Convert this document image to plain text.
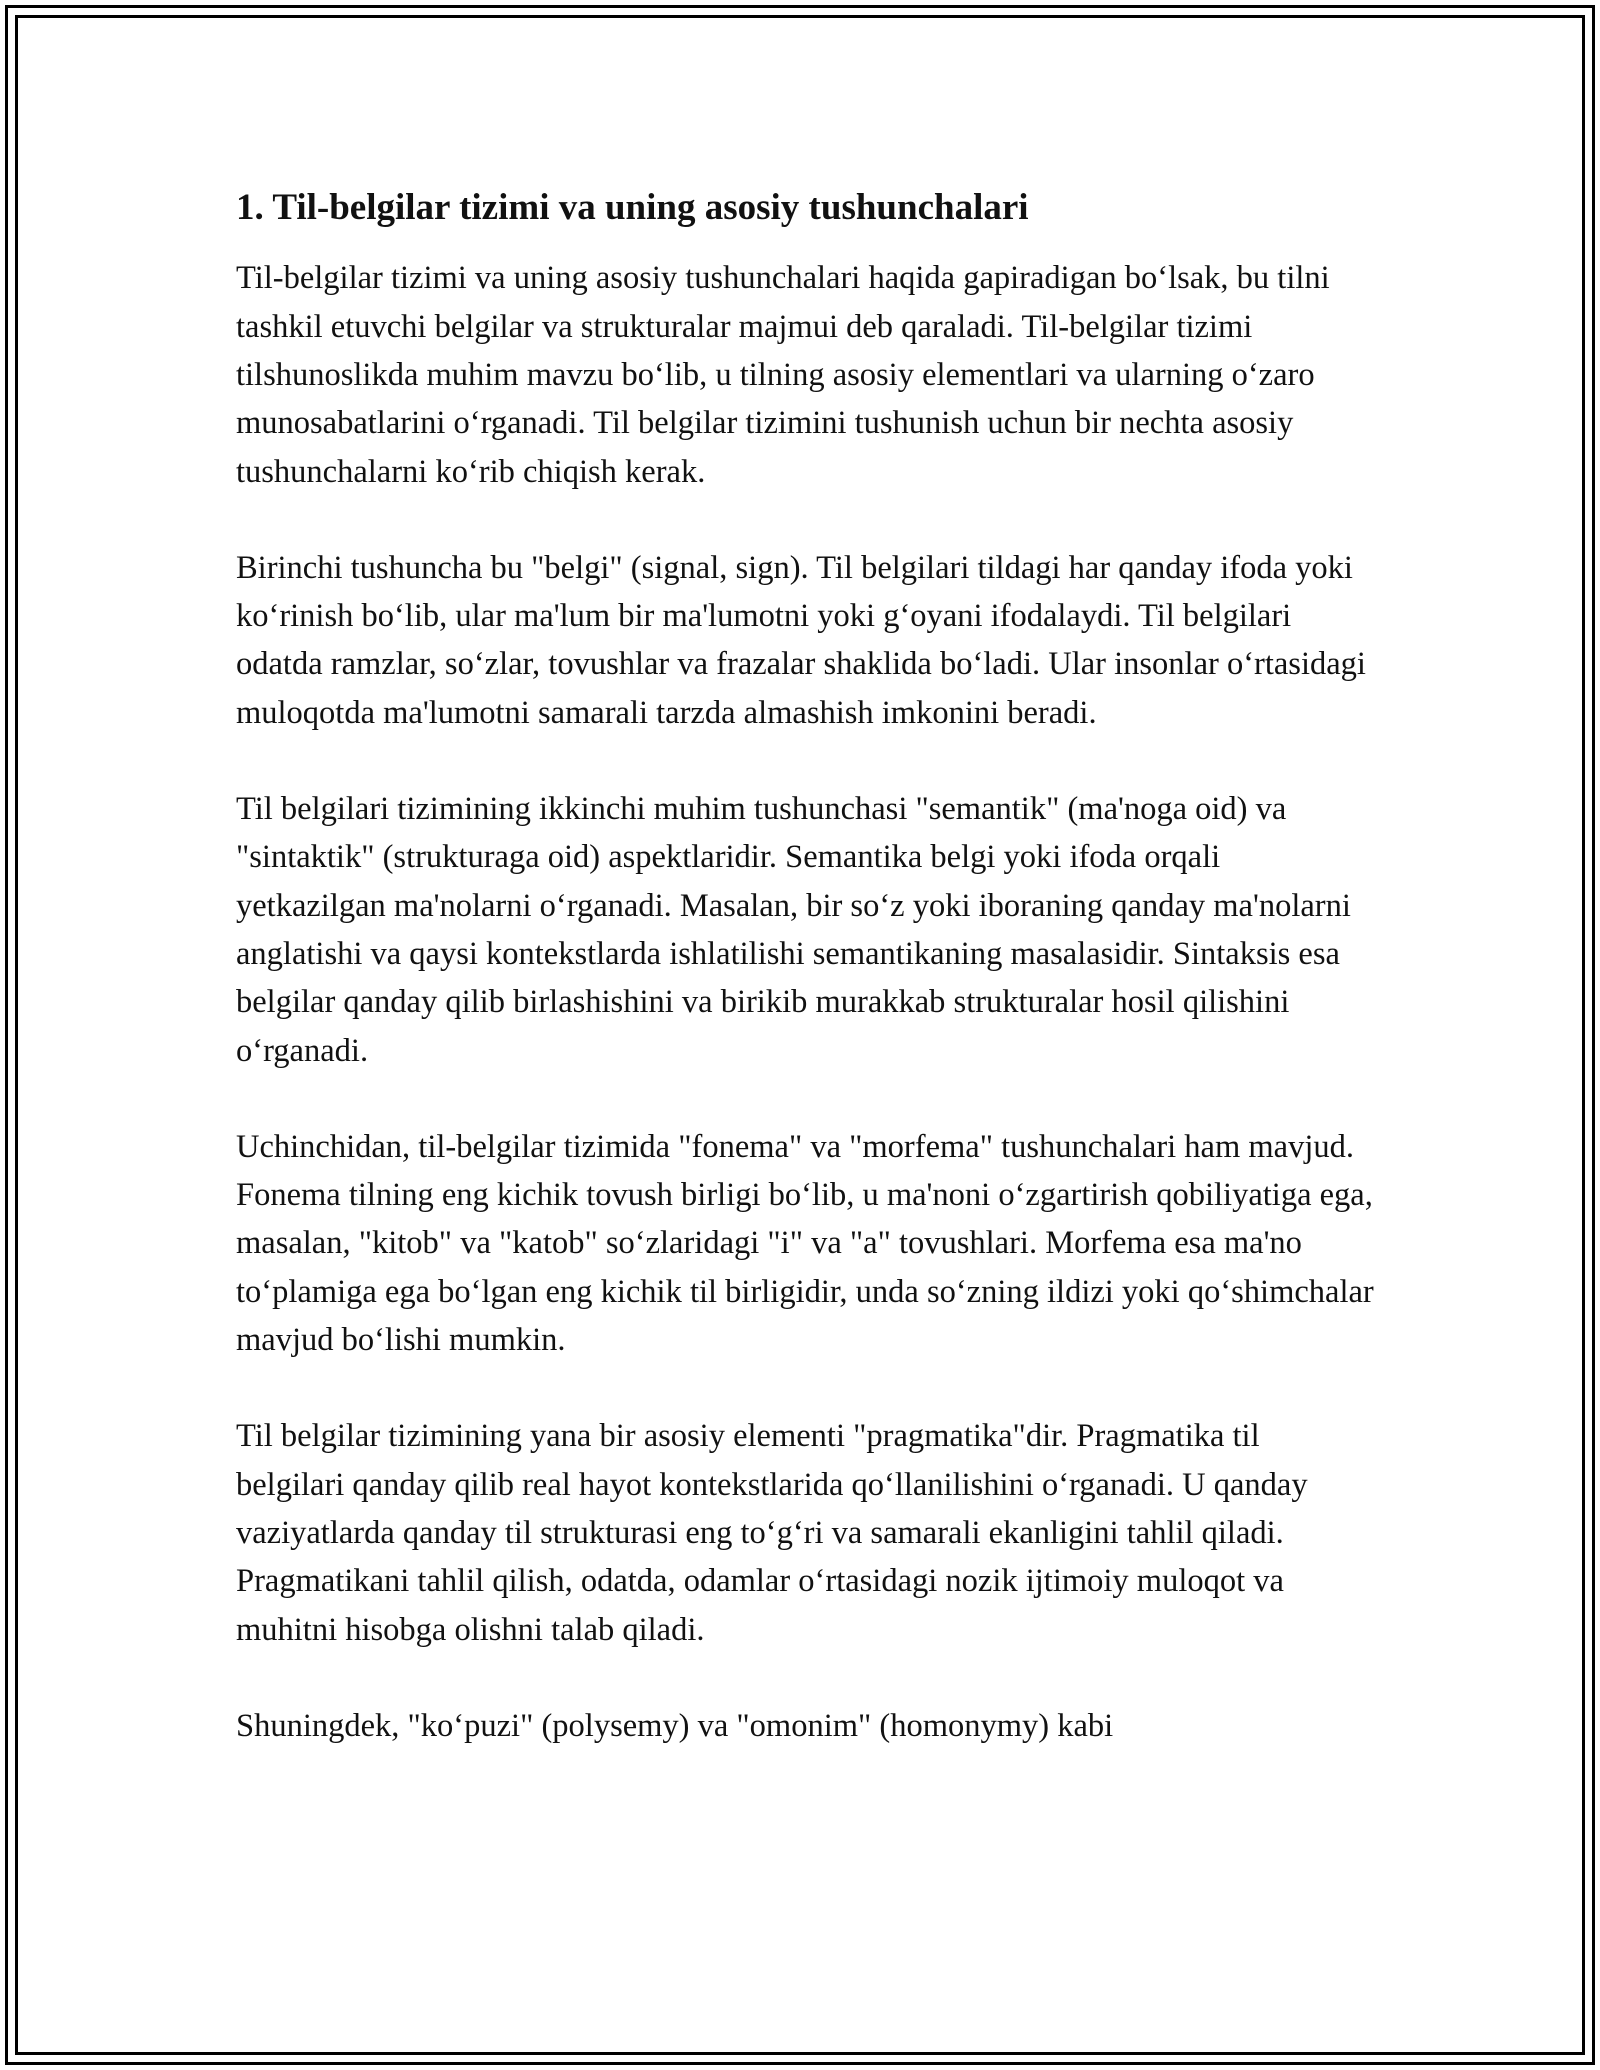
1. Til-belgilar tizimi va uning asosiy tushunchalari

Til-belgilar tizimi va uning asosiy tushunchalari haqida gapiradigan bo‘lsak, bu tilni tashkil etuvchi belgilar va strukturalar majmui deb qaraladi. Til-belgilar tizimi tilshunoslikda muhim mavzu bo‘lib, u tilning asosiy elementlari va ularning o‘zaro munosabatlarini o‘rganadi. Til belgilar tizimini tushunish uchun bir nechta asosiy tushunchalarni ko‘rib chiqish kerak.

Birinchi tushuncha bu "belgi" (signal, sign). Til belgilari tildagi har qanday ifoda yoki ko‘rinish bo‘lib, ular ma'lum bir ma'lumotni yoki g‘oyani ifodalaydi. Til belgilari odatda ramzlar, so‘zlar, tovushlar va frazalar shaklida bo‘ladi. Ular insonlar o‘rtasidagi muloqotda ma'lumotni samarali tarzda almashish imkonini beradi.

Til belgilari tizimining ikkinchi muhim tushunchasi "semantik" (ma'noga oid) va "sintaktik" (strukturaga oid) aspektlaridir. Semantika belgi yoki ifoda orqali yetkazilgan ma'nolarni o‘rganadi. Masalan, bir so‘z yoki iboraning qanday ma'nolarni anglatishi va qaysi kontekstlarda ishlatilishi semantikaning masalasidir. Sintaksis esa belgilar qanday qilib birlashishini va birikib murakkab strukturalar hosil qilishini o‘rganadi.

Uchinchidan, til-belgilar tizimida "fonema" va "morfema" tushunchalari ham mavjud. Fonema tilning eng kichik tovush birligi bo‘lib, u ma'noni o‘zgartirish qobiliyatiga ega, masalan, "kitob" va "katob" so‘zlaridagi "i" va "a" tovushlari. Morfema esa ma'no to‘plamiga ega bo‘lgan eng kichik til birligidir, unda so‘zning ildizi yoki qo‘shimchalar mavjud bo‘lishi mumkin.

Til belgilar tizimining yana bir asosiy elementi "pragmatika"dir. Pragmatika til belgilari qanday qilib real hayot kontekstlarida qo‘llanilishini o‘rganadi. U qanday vaziyatlarda qanday til strukturasi eng to‘g‘ri va samarali ekanligini tahlil qiladi. Pragmatikani tahlil qilish, odatda, odamlar o‘rtasidagi nozik ijtimoiy muloqot va muhitni hisobga olishni talab qiladi.

Shuningdek, "ko‘puzi" (polysemy) va "omonim" (homonymy) kabi
